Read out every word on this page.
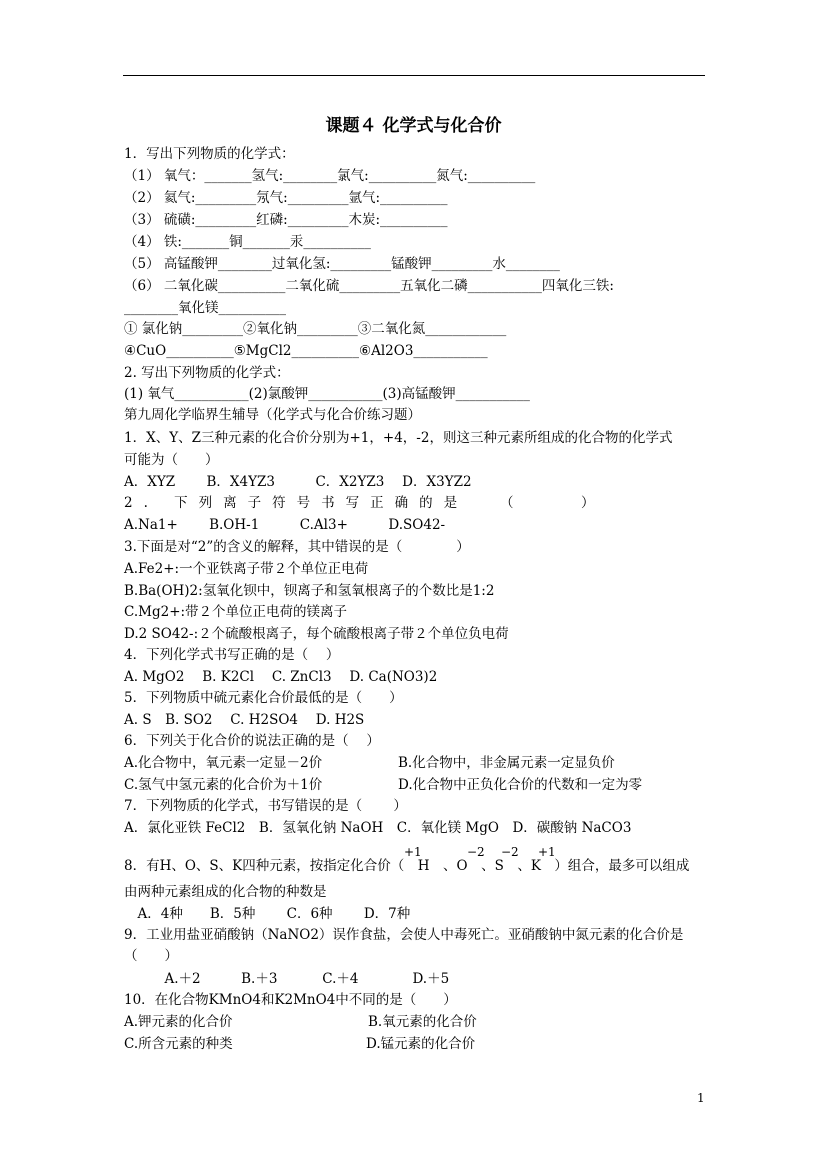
课题４ 化学式与化合价
1．写出下列物质的化学式：
（1） 氧气：_______氢气:________氯气:__________氮气:__________
（2） 氦气:_________氖气:_________氩气:__________
（3） 硫磺:_________红磷:_________木炭:__________
（4） 铁:_______铜_______汞__________
（5） 高锰酸钾________过氧化氢:_________锰酸钾_________水________
（6） 二氧化碳__________二氧化硫_________五氧化二磷___________四氧化三铁:
________氧化镁__________
① 氯化钠_________②氧化钠_________③二氧化氮____________
④CuO__________⑤MgCl2__________⑥Al2O3___________
2. 写出下列物质的化学式：
(1) 氧气___________(2)氯酸钾___________(3)高锰酸钾___________
第九周化学临界生辅导（化学式与化合价练习题）
1．X、Y、Z三种元素的化合价分别为+1，+4，-2，则这三种元素所组成的化合物的化学式
可能为（　　）
A．XYZ　　 B．X4YZ3　　　C．X2YZ3　 D．X3YZ2
2. 下列离子符号书写正确的是 （　　　　　）
A.Na1+　　 B.OH-1　　　C.Al3+　　　D.SO42-
3.下面是对“2”的含义的解释，其中错误的是（　　　　）
A.Fe2+:一个亚铁离子带２个单位正电荷
B.Ba(OH)2:氢氧化钡中，钡离子和氢氧根离子的个数比是1:2
C.Mg2+:带２个单位正电荷的镁离子
D.2 SO42-:２个硫酸根离子，每个硫酸根离子带２个单位负电荷
4．下列化学式书写正确的是（　 ）
A. MgO2　 B. K2Cl　 C. ZnCl3　 D. Ca(NO3)2
5．下列物质中硫元素化合价最低的是（　　）
A. S　B. SO2　 C. H2SO4　 D. H2S
6．下列关于化合价的说法正确的是（　 ）
A.化合物中，氧元素一定显－2价	B.化合物中，非金属元素一定显负价
C.氢气中氢元素的化合价为＋1价	D.化合物中正负化合价的代数和一定为零
7．下列物质的化学式，书写错误的是（　　 ）
A．氯化亚铁 FeCl2　B．氢氧化钠 NaOH　C．氧化镁 MgO　D．碳酸钠 NaCO3
+1	−2 −2 +1
8．有H、O、S、K四种元素，按指定化合价（　H　、O　、S　、K　）组合，最多可以组成
由两种元素组成的化合物的种数是
　A．4种　　B．5种　　 C．6种　　 D．7种
9．工业用盐亚硝酸钠（NaNO2）误作食盐，会使人中毒死亡。亚硝酸钠中氮元素的化合价是
（　　）
　　　A.＋2　　　B.＋3　　　 C.＋4　　　　D.＋5
10．在化合物KMnO4和K2MnO4中不同的是（　　）
A.钾元素的化合价	B.氧元素的化合价
C.所含元素的种类	D.锰元素的化合价
1
